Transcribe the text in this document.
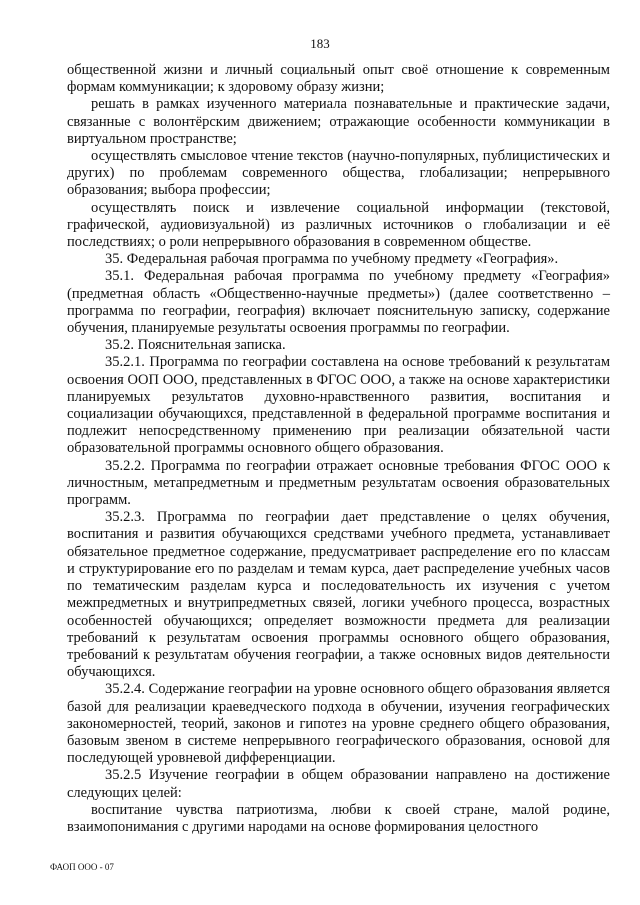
183

общественной жизни и личный социальный опыт своё отношение к современным формам коммуникации; к здоровому образу жизни;

решать в рамках изученного материала познавательные и практические задачи, связанные с волонтёрским движением; отражающие особенности коммуникации в виртуальном пространстве;

осуществлять смысловое чтение текстов (научно-популярных, публицистических и других) по проблемам современного общества, глобализации; непрерывного образования; выбора профессии;

осуществлять поиск и извлечение социальной информации (текстовой, графической, аудиовизуальной) из различных источников о глобализации и её последствиях; о роли непрерывного образования в современном обществе.

35. Федеральная рабочая программа по учебному предмету «География».

35.1. Федеральная рабочая программа по учебному предмету «География» (предметная область «Общественно-научные предметы») (далее соответственно – программа по географии, география) включает пояснительную записку, содержание обучения, планируемые результаты освоения программы по географии.

35.2. Пояснительная записка.

35.2.1. Программа по географии составлена на основе требований к результатам освоения ООП ООО, представленных в ФГОС ООО, а также на основе характеристики планируемых результатов духовно-нравственного развития, воспитания и социализации обучающихся, представленной в федеральной программе воспитания и подлежит непосредственному применению при реализации обязательной части образовательной программы основного общего образования.

35.2.2. Программа по географии отражает основные требования ФГОС ООО к личностным, метапредметным и предметным результатам освоения образовательных программ.

35.2.3. Программа по географии дает представление о целях обучения, воспитания и развития обучающихся средствами учебного предмета, устанавливает обязательное предметное содержание, предусматривает распределение его по классам и структурирование его по разделам и темам курса, дает распределение учебных часов по тематическим разделам курса и последовательность их изучения с учетом межпредметных и внутрипредметных связей, логики учебного процесса, возрастных особенностей обучающихся; определяет возможности предмета для реализации требований к результатам освоения программы основного общего образования, требований к результатам обучения географии, а также основных видов деятельности обучающихся.

35.2.4. Содержание географии на уровне основного общего образования является базой для реализации краеведческого подхода в обучении, изучения географических закономерностей, теорий, законов и гипотез на уровне среднего общего образования, базовым звеном в системе непрерывного географического образования, основой для последующей уровневой дифференциации.

35.2.5 Изучение географии в общем образовании направлено на достижение следующих целей:

воспитание чувства патриотизма, любви к своей стране, малой родине, взаимопонимания с другими народами на основе формирования целостного

ФАОП ООО - 07
